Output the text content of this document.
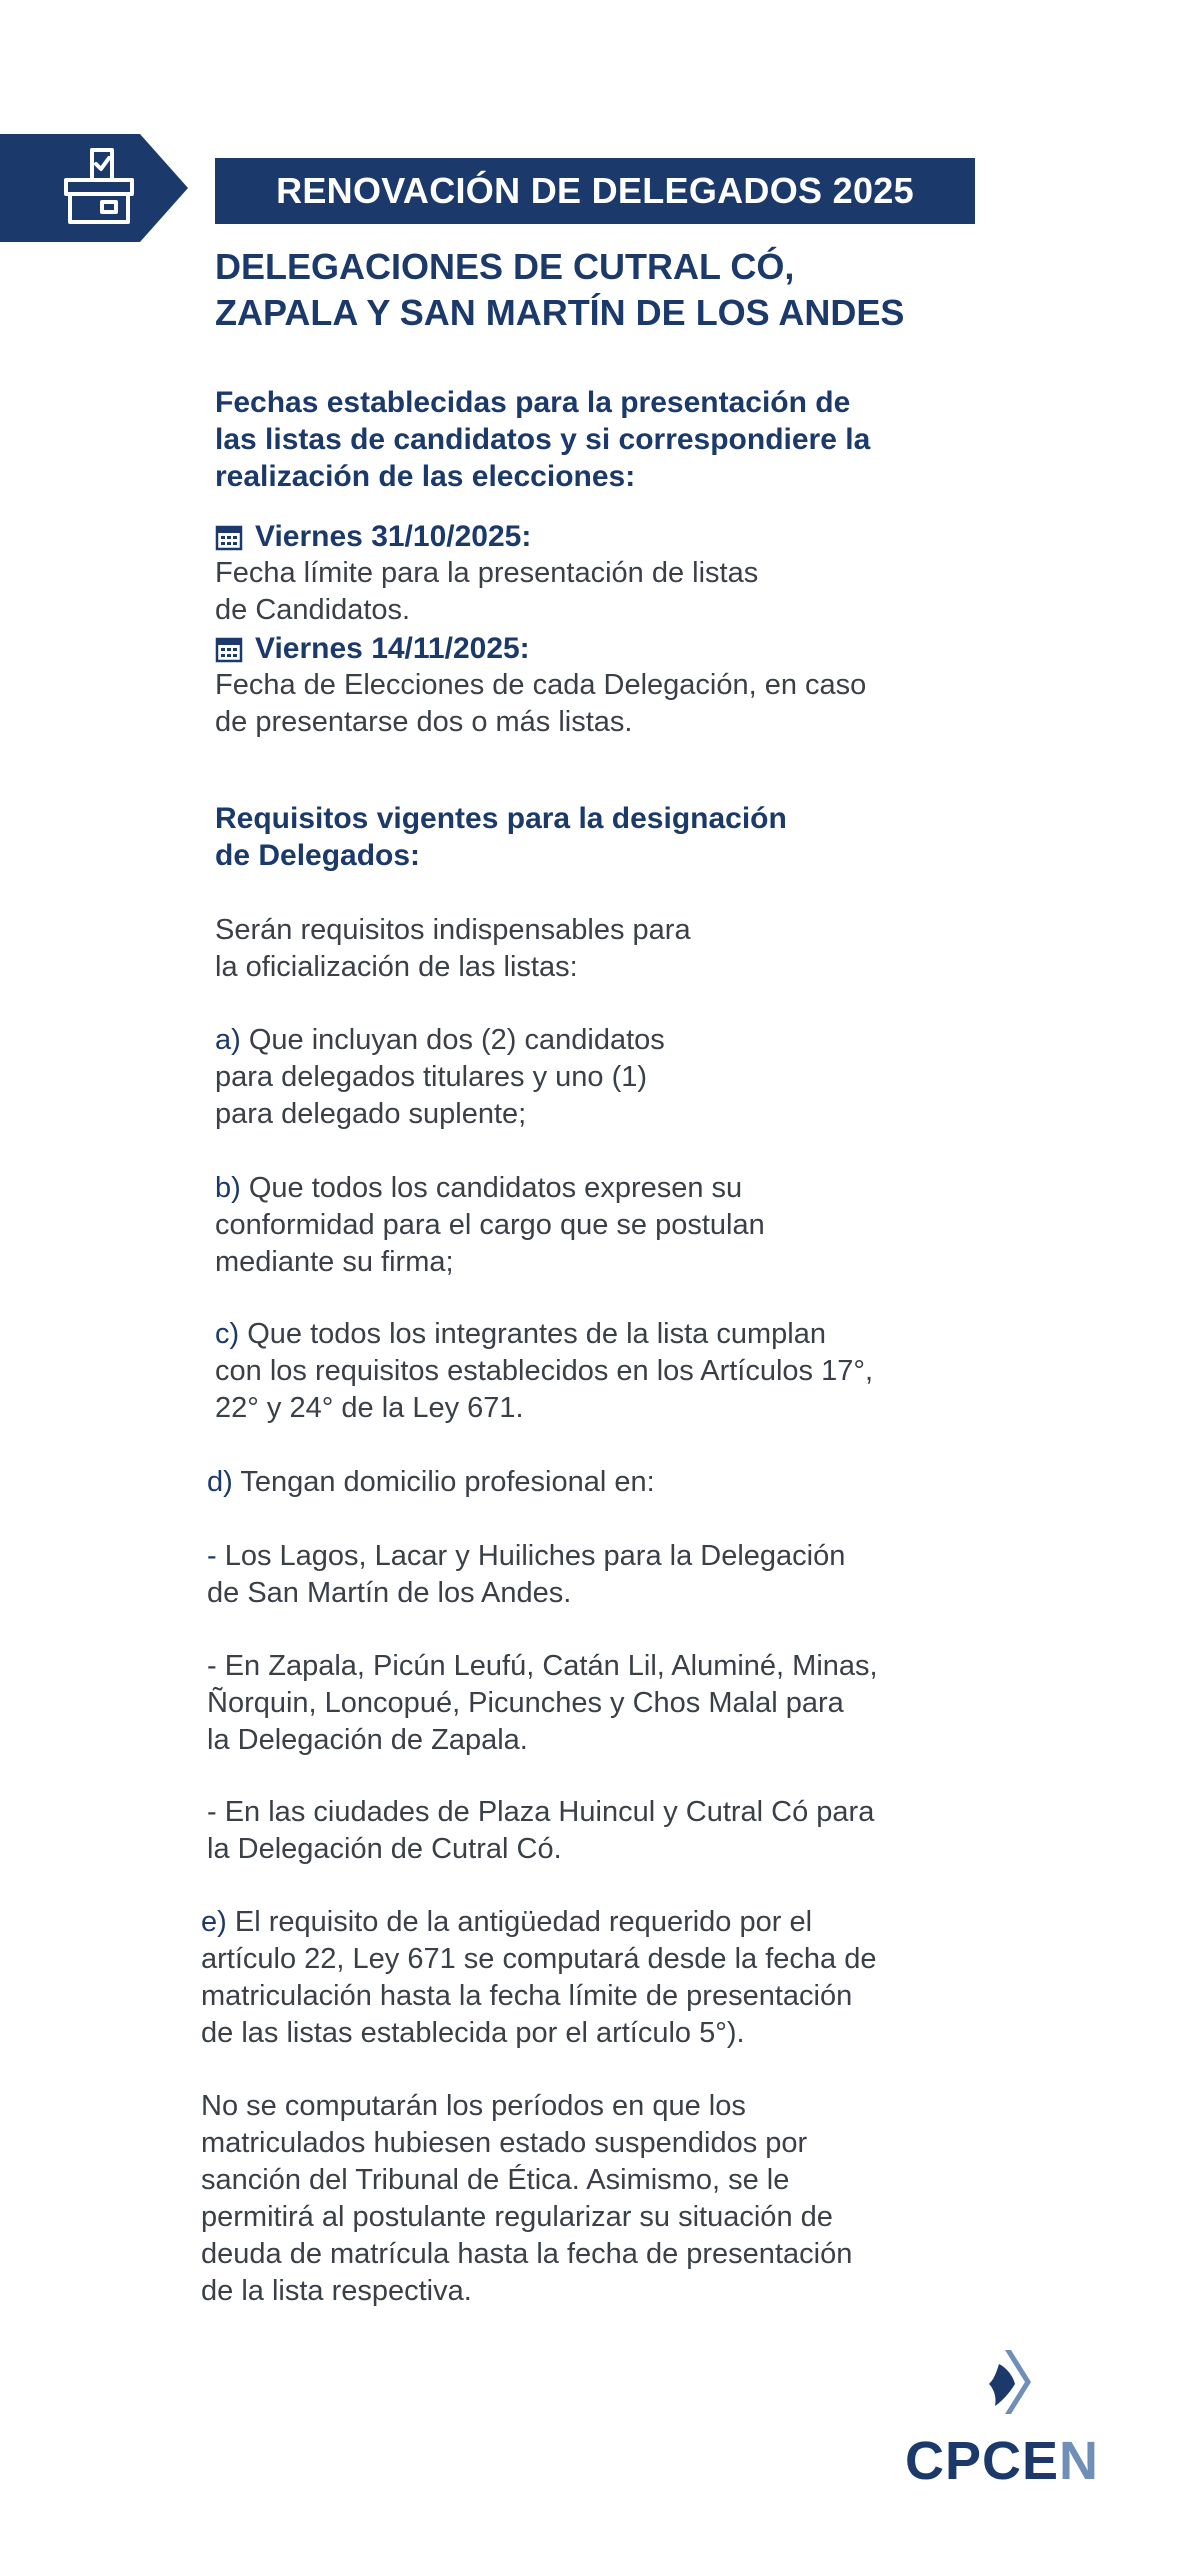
RENOVACIÓN DE DELEGADOS 2025
DELEGACIONES DE CUTRAL CÓ,
ZAPALA Y SAN MARTÍN DE LOS ANDES
Fechas establecidas para la presentación de
las listas de candidatos y si correspondiere la
realización de las elecciones:
Viernes 31/10/2025:
Fecha límite para la presentación de listas
de Candidatos.
Viernes 14/11/2025:
Fecha de Elecciones de cada Delegación, en caso
de presentarse dos o más listas.
Requisitos vigentes para la designación
de Delegados:
Serán requisitos indispensables para
la oficialización de las listas:
a) Que incluyan dos (2) candidatos
para delegados titulares y uno (1)
para delegado suplente;
b) Que todos los candidatos expresen su
conformidad para el cargo que se postulan
mediante su firma;
c) Que todos los integrantes de la lista cumplan
con los requisitos establecidos en los Artículos 17°,
22° y 24° de la Ley 671.
d) Tengan domicilio profesional en:
- Los Lagos, Lacar y Huiliches para la Delegación
de San Martín de los Andes.
- En Zapala, Picún Leufú, Catán Lil, Aluminé, Minas,
Ñorquin, Loncopué, Picunches y Chos Malal para
la Delegación de Zapala.
- En las ciudades de Plaza Huincul y Cutral Có para
la Delegación de Cutral Có.
e) El requisito de la antigüedad requerido por el
artículo 22, Ley 671 se computará desde la fecha de
matriculación hasta la fecha límite de presentación
de las listas establecida por el artículo 5°).
No se computarán los períodos en que los
matriculados hubiesen estado suspendidos por
sanción del Tribunal de Ética. Asimismo, se le
permitirá al postulante regularizar su situación de
deuda de matrícula hasta la fecha de presentación
de la lista respectiva.
CPCEN
